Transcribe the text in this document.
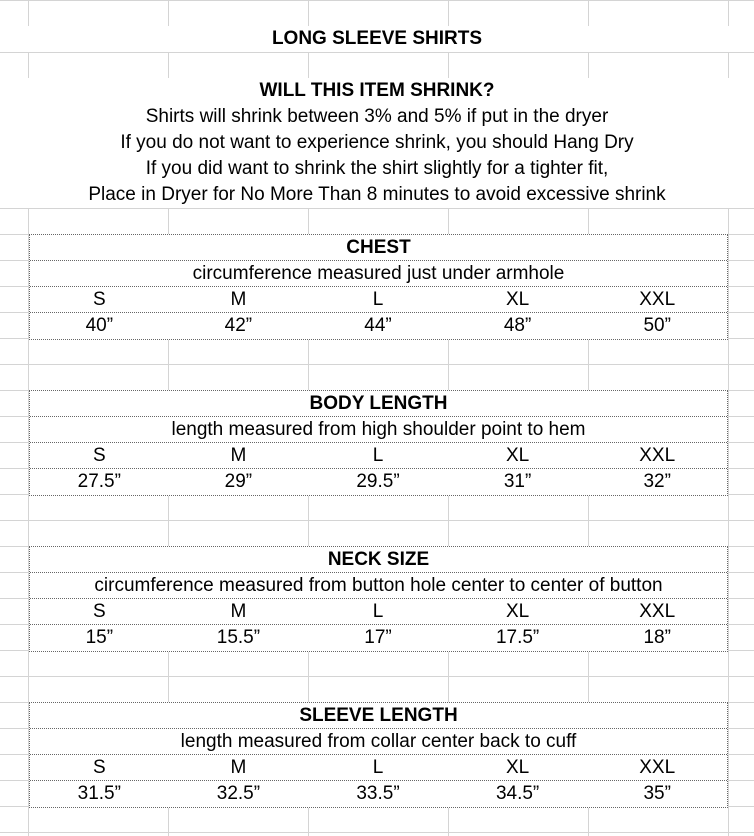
LONG SLEEVE SHIRTS
WILL THIS ITEM SHRINK?
Shirts will shrink between 3% and 5% if put in the dryer
If you do not want to experience shrink, you should Hang Dry
If you did want to shrink the shirt slightly for a tighter fit,
Place in Dryer for No More Than 8 minutes to avoid excessive shrink
CHEST
circumference measured just under armhole
S	M	L	XL	XXL
40”	42”	44”	48”	50”
BODY LENGTH
length measured from high shoulder point to hem
S	M	L	XL	XXL
27.5”	29”	29.5”	31”	32”
NECK SIZE
circumference measured from button hole center to center of button
S	M	L	XL	XXL
15”	15.5”	17”	17.5”	18”
SLEEVE LENGTH
length measured from collar center back to cuff
S	M	L	XL	XXL
31.5”	32.5”	33.5”	34.5”	35”
